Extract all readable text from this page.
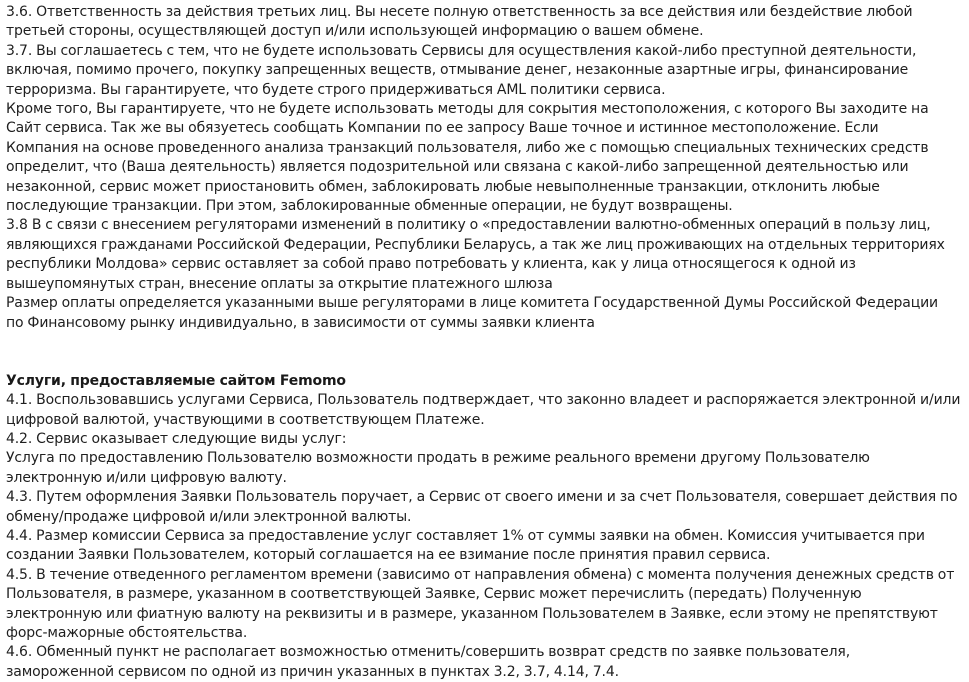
3.6. Ответственность за действия третьих лиц. Вы несете полную ответственность за все действия или бездействие любой

третьей стороны, осуществляющей доступ и/или использующей информацию о вашем обмене.

3.7. Вы соглашаетесь с тем, что не будете использовать Сервисы для осуществления какой-либо преступной деятельности,

включая, помимо прочего, покупку запрещенных веществ, отмывание денег, незаконные азартные игры, финансирование

терроризма. Вы гарантируете, что будете строго придерживаться AML политики сервиса.

Кроме того, Вы гарантируете, что не будете использовать методы для сокрытия местоположения, с которого Вы заходите на

Сайт сервиса. Так же вы обязуетесь сообщать Компании по ее запросу Ваше точное и истинное местоположение. Если

Компания на основе проведенного анализа транзакций пользователя, либо же с помощью специальных технических средств

определит, что (Ваша деятельность) является подозрительной или связана с какой-либо запрещенной деятельностью или

незаконной, сервис может приостановить обмен, заблокировать любые невыполненные транзакции, отклонить любые

последующие транзакции. При этом, заблокированные обменные операции, не будут возвращены.

3.8 В с связи с внесением регуляторами изменений в политику о «предоставлении валютно-обменных операций в пользу лиц,

являющихся гражданами Российской Федерации, Республики Беларусь, а так же лиц проживающих на отдельных территориях

республики Молдова» сервис оставляет за собой право потребовать у клиента, как у лица относящегося к одной из

вышеупомянутых стран, внесение оплаты за открытие платежного шлюза

Размер оплаты определяется указанными выше регуляторами в лице комитета Государственной Думы Российской Федерации

по Финансовому рынку индивидуально, в зависимости от суммы заявки клиента

Услуги, предоставляемые сайтом Femomo

4.1. Воспользовавшись услугами Сервиса, Пользователь подтверждает, что законно владеет и распоряжается электронной и/или

цифровой валютой, участвующими в соответствующем Платеже.

4.2. Сервис оказывает следующие виды услуг:

Услуга по предоставлению Пользователю возможности продать в режиме реального времени другому Пользователю

электронную и/или цифровую валюту.

4.3. Путем оформления Заявки Пользователь поручает, а Сервис от своего имени и за счет Пользователя, совершает действия по

обмену/продаже цифровой и/или электронной валюты.

4.4. Размер комиссии Сервиса за предоставление услуг составляет 1% от суммы заявки на обмен. Комиссия учитывается при

создании Заявки Пользователем, который соглашается на ее взимание после принятия правил сервиса.

4.5. В течение отведенного регламентом времени (зависимо от направления обмена) с момента получения денежных средств от

Пользователя, в размере, указанном в соответствующей Заявке, Сервис может перечислить (передать) Полученную

электронную или фиатную валюту на реквизиты и в размере, указанном Пользователем в Заявке, если этому не препятствуют

форс-мажорные обстоятельства.

4.6. Обменный пункт не располагает возможностью отменить/совершить возврат средств по заявке пользователя,

замороженной сервисом по одной из причин указанных в пунктах 3.2, 3.7, 4.14, 7.4.
